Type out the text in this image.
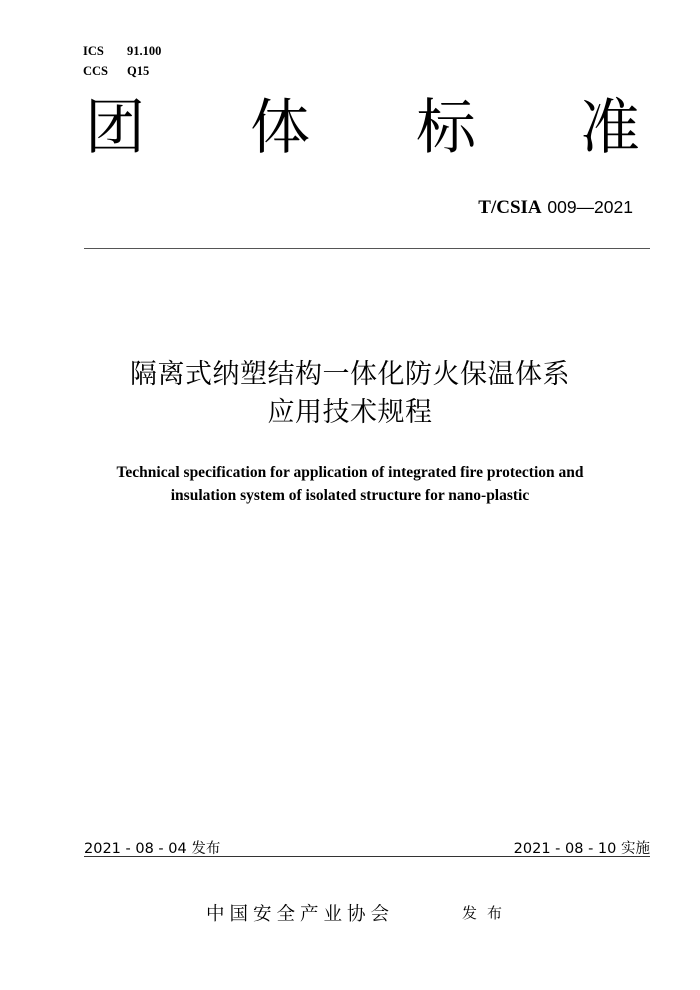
ICS 91.100
CCS Q15
团 体 标 准
T/CSIA 009—2021
隔离式纳塑结构一体化防火保温体系
应用技术规程
Technical specification for application of integrated fire protection and
insulation system of isolated structure for nano-plastic
2021 - 08 - 04 发布	2021 - 08 - 10 实施
中国安全产业协会	发布
